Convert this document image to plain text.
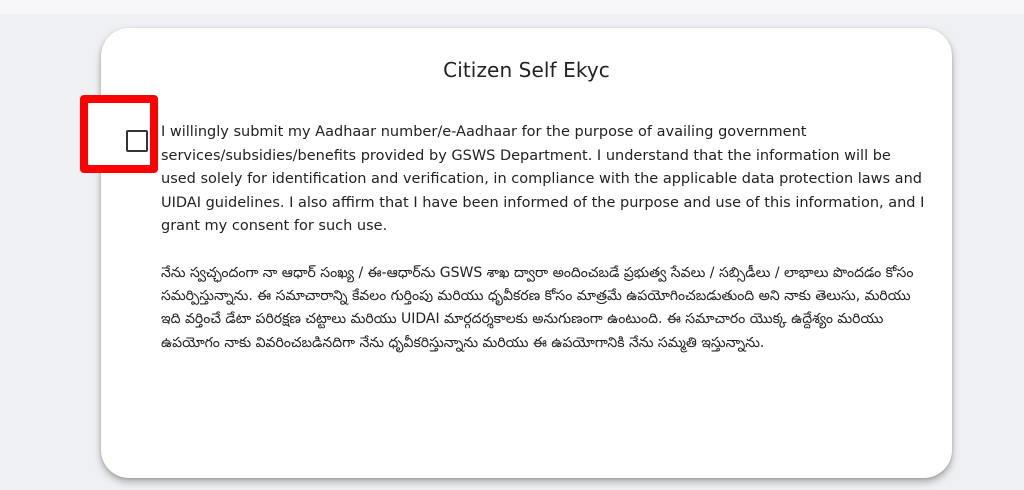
Citizen Self Ekyc
I willingly submit my Aadhaar number/e-Aadhaar for the purpose of availing government services/subsidies/benefits provided by GSWS Department. I understand that the information will be used solely for identification and verification, in compliance with the applicable data protection laws and UIDAI guidelines. I also affirm that I have been informed of the purpose and use of this information, and I grant my consent for such use.
నేను స్వచ్ఛందంగా నా ఆధార్ సంఖ్య / ఈ-ఆధార్‌ను GSWS శాఖ ద్వారా అందించబడే ప్రభుత్వ సేవలు / సబ్సిడీలు / లాభాలు పొందడం కోసం సమర్పిస్తున్నాను. ఈ సమాచారాన్ని కేవలం గుర్తింపు మరియు ధృవీకరణ కోసం మాత్రమే ఉపయోగించబడుతుంది అని నాకు తెలుసు, మరియు ఇది వర్తించే డేటా పరిరక్షణ చట్టాలు మరియు UIDAI మార్గదర్శకాలకు అనుగుణంగా ఉంటుంది. ఈ సమాచారం యొక్క ఉద్దేశ్యం మరియు ఉపయోగం నాకు వివరించబడినదిగా నేను ధృవీకరిస్తున్నాను మరియు ఈ ఉపయోగానికి నేను సమ్మతి ఇస్తున్నాను.
